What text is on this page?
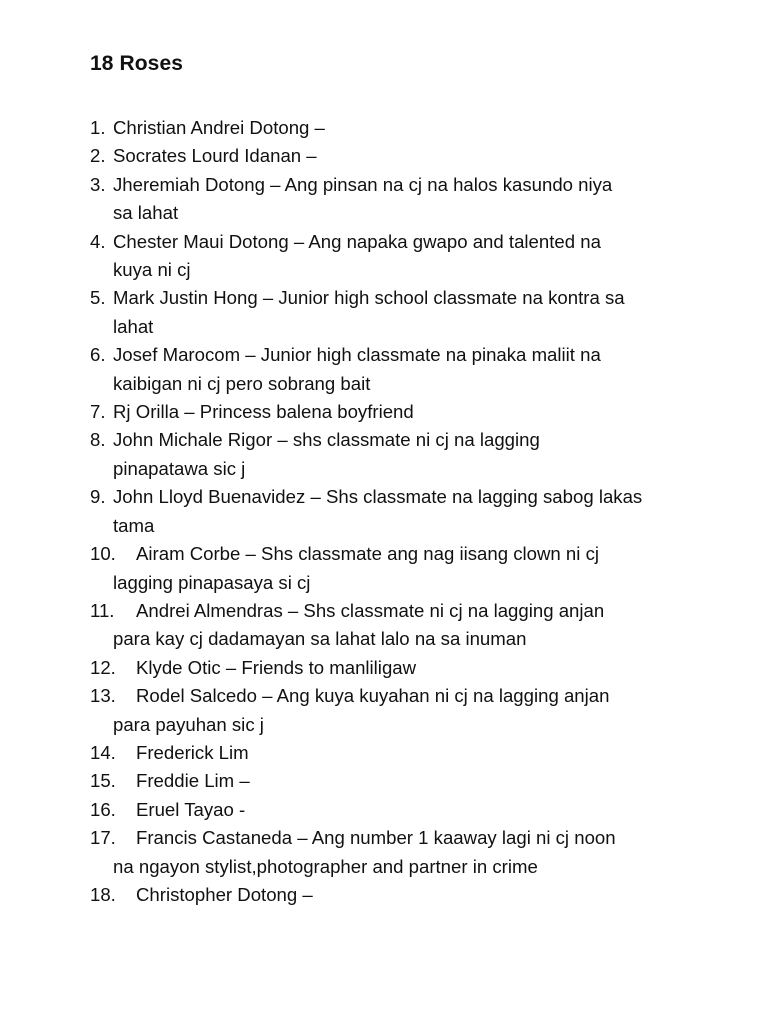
18 Roses
1. Christian Andrei Dotong –
2. Socrates Lourd Idanan –
3. Jheremiah Dotong – Ang pinsan na cj na halos kasundo niya
sa lahat
4. Chester Maui Dotong – Ang napaka gwapo and talented na
kuya ni cj
5. Mark Justin Hong – Junior high school classmate na kontra sa
lahat
6. Josef Marocom – Junior high classmate na pinaka maliit na
kaibigan ni cj pero sobrang bait
7. Rj Orilla – Princess balena boyfriend
8. John Michale Rigor – shs classmate ni cj na lagging
pinapatawa sic j
9. John Lloyd Buenavidez – Shs classmate na lagging sabog lakas
tama
10. Airam Corbe – Shs classmate ang nag iisang clown ni cj
lagging pinapasaya si cj
11. Andrei Almendras – Shs classmate ni cj na lagging anjan
para kay cj dadamayan sa lahat lalo na sa inuman
12. Klyde Otic – Friends to manliligaw
13. Rodel Salcedo – Ang kuya kuyahan ni cj na lagging anjan
para payuhan sic j
14. Frederick Lim
15. Freddie Lim –
16. Eruel Tayao -
17. Francis Castaneda – Ang number 1 kaaway lagi ni cj noon
na ngayon stylist,photographer and partner in crime
18. Christopher Dotong –
